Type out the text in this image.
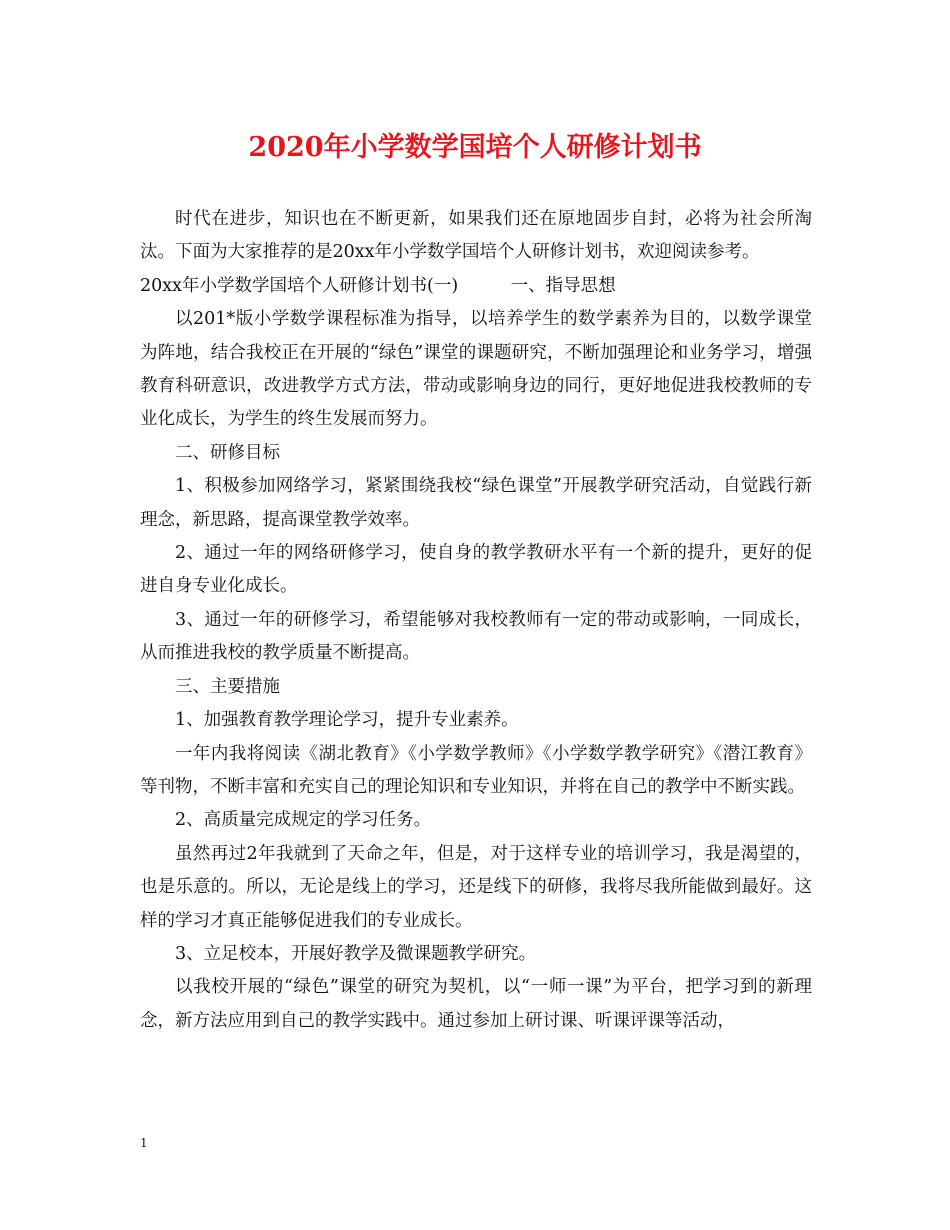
2020年小学数学国培个人研修计划书

时代在进步，知识也在不断更新，如果我们还在原地固步自封，必将为社会所淘汰。下面为大家推荐的是20xx年小学数学国培个人研修计划书，欢迎阅读参考。

20xx年小学数学国培个人研修计划书(一)　　　一、指导思想

以201*版小学数学课程标准为指导，以培养学生的数学素养为目的，以数学课堂为阵地，结合我校正在开展的“绿色”课堂的课题研究，不断加强理论和业务学习，增强教育科研意识，改进教学方式方法，带动或影响身边的同行，更好地促进我校教师的专业化成长，为学生的终生发展而努力。

二、研修目标

1、积极参加网络学习，紧紧围绕我校“绿色课堂”开展教学研究活动，自觉践行新理念，新思路，提高课堂教学效率。

2、通过一年的网络研修学习，使自身的教学教研水平有一个新的提升，更好的促进自身专业化成长。

3、通过一年的研修学习，希望能够对我校教师有一定的带动或影响，一同成长，从而推进我校的教学质量不断提高。

三、主要措施

1、加强教育教学理论学习，提升专业素养。

一年内我将阅读《湖北教育》《小学数学教师》《小学数学教学研究》《潜江教育》等刊物，不断丰富和充实自己的理论知识和专业知识，并将在自己的教学中不断实践。

2、高质量完成规定的学习任务。

虽然再过2年我就到了天命之年，但是，对于这样专业的培训学习，我是渴望的，也是乐意的。所以，无论是线上的学习，还是线下的研修，我将尽我所能做到最好。这样的学习才真正能够促进我们的专业成长。

3、立足校本，开展好教学及微课题教学研究。

以我校开展的“绿色”课堂的研究为契机，以“一师一课”为平台，把学习到的新理念，新方法应用到自己的教学实践中。通过参加上研讨课、听课评课等活动，

1
